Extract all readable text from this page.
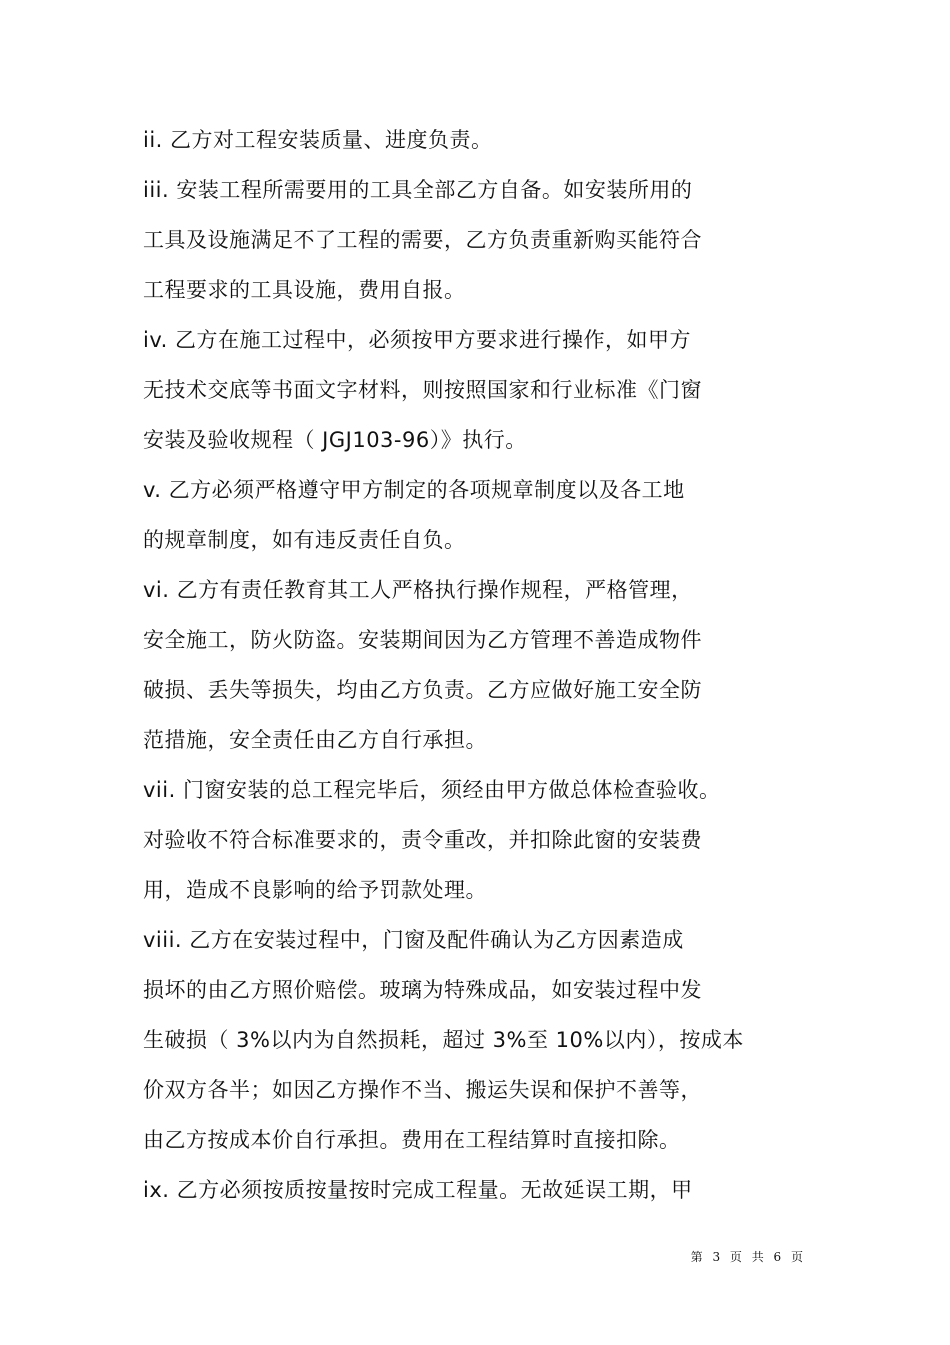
ii. 乙方对工程安装质量、进度负责。
iii. 安装工程所需要用的工具全部乙方自备。如安装所用的
工具及设施满足不了工程的需要，乙方负责重新购买能符合
工程要求的工具设施，费用自报。
iv. 乙方在施工过程中，必须按甲方要求进行操作，如甲方
无技术交底等书面文字材料，则按照国家和行业标准《门窗
安装及验收规程（ JGJ103-96）》执行。
v. 乙方必须严格遵守甲方制定的各项规章制度以及各工地
的规章制度，如有违反责任自负。
vi. 乙方有责任教育其工人严格执行操作规程，严格管理，
安全施工，防火防盗。安装期间因为乙方管理不善造成物件
破损、丢失等损失，均由乙方负责。乙方应做好施工安全防
范措施，安全责任由乙方自行承担。
vii. 门窗安装的总工程完毕后，须经由甲方做总体检查验收。
对验收不符合标准要求的，责令重改，并扣除此窗的安装费
用，造成不良影响的给予罚款处理。
viii. 乙方在安装过程中，门窗及配件确认为乙方因素造成
损坏的由乙方照价赔偿。玻璃为特殊成品，如安装过程中发
生破损（ 3%以内为自然损耗，超过 3%至 10%以内），按成本
价双方各半；如因乙方操作不当、搬运失误和保护不善等，
由乙方按成本价自行承担。费用在工程结算时直接扣除。
ix. 乙方必须按质按量按时完成工程量。无故延误工期，甲
第 3 页 共 6 页
